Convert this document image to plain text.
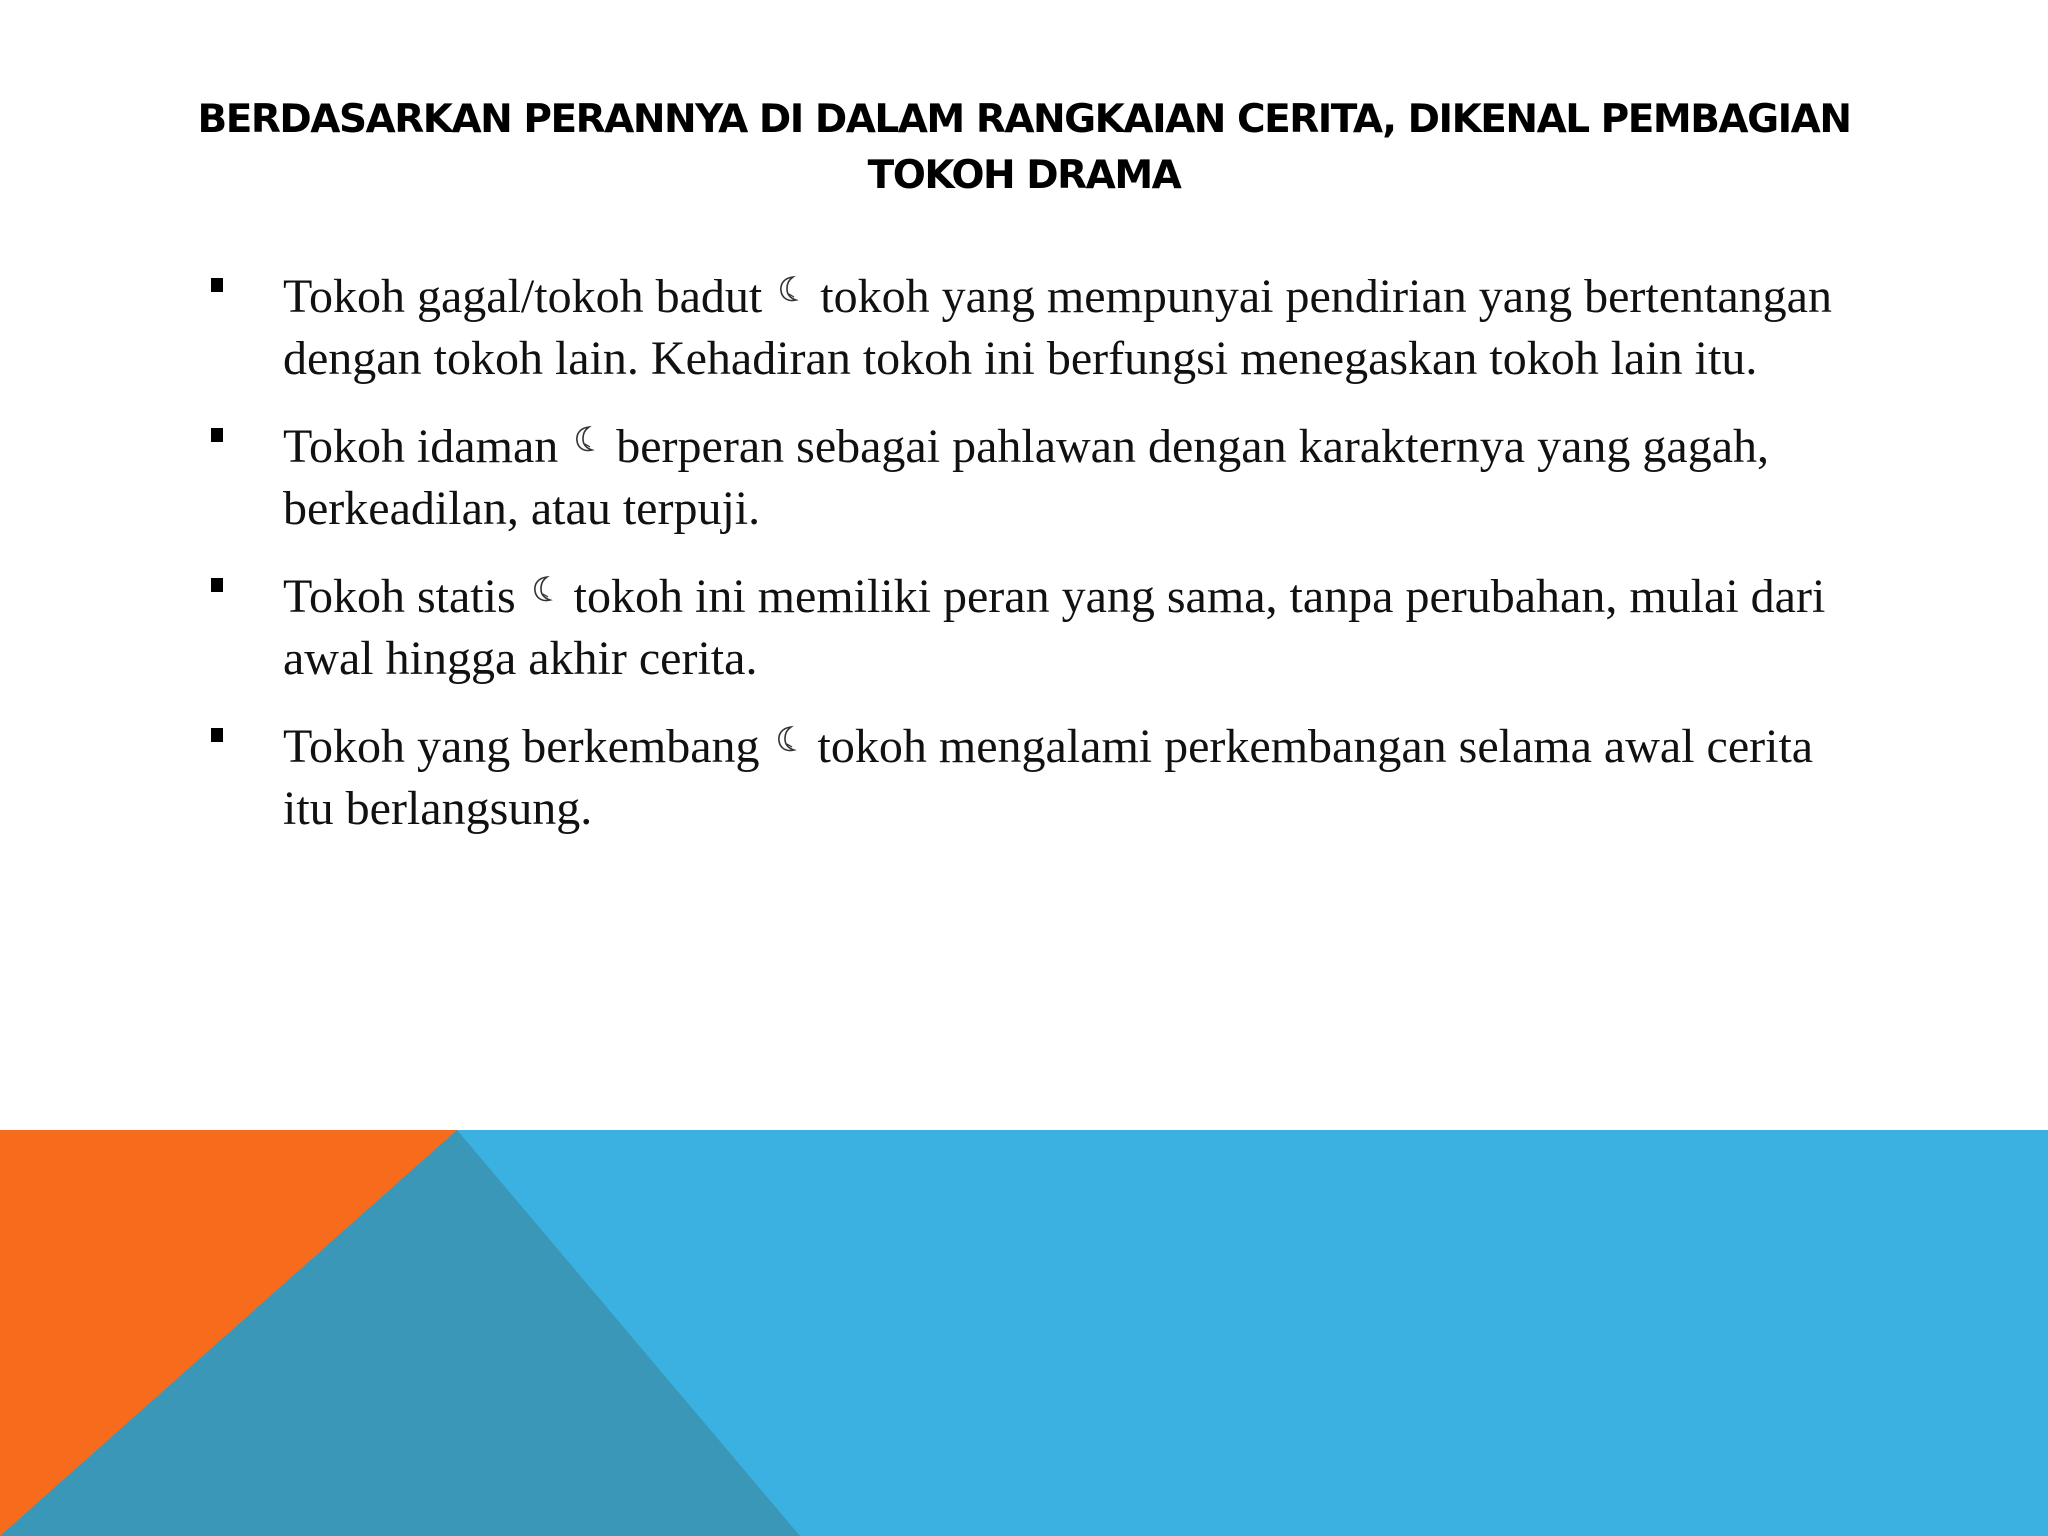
BERDASARKAN PERANNYA DI DALAM RANGKAIAN CERITA, DIKENAL PEMBAGIAN TOKOH DRAMA
Tokoh gagal/tokoh badut tokoh yang mempunyai pendirian yang bertentangan dengan tokoh lain. Kehadiran tokoh ini berfungsi menegaskan tokoh lain itu.
Tokoh idaman berperan sebagai pahlawan dengan karakternya yang gagah, berkeadilan, atau terpuji.
Tokoh statis tokoh ini memiliki peran yang sama, tanpa perubahan, mulai dari awal hingga akhir cerita.
Tokoh yang berkembang tokoh mengalami perkembangan selama awal cerita itu berlangsung.
